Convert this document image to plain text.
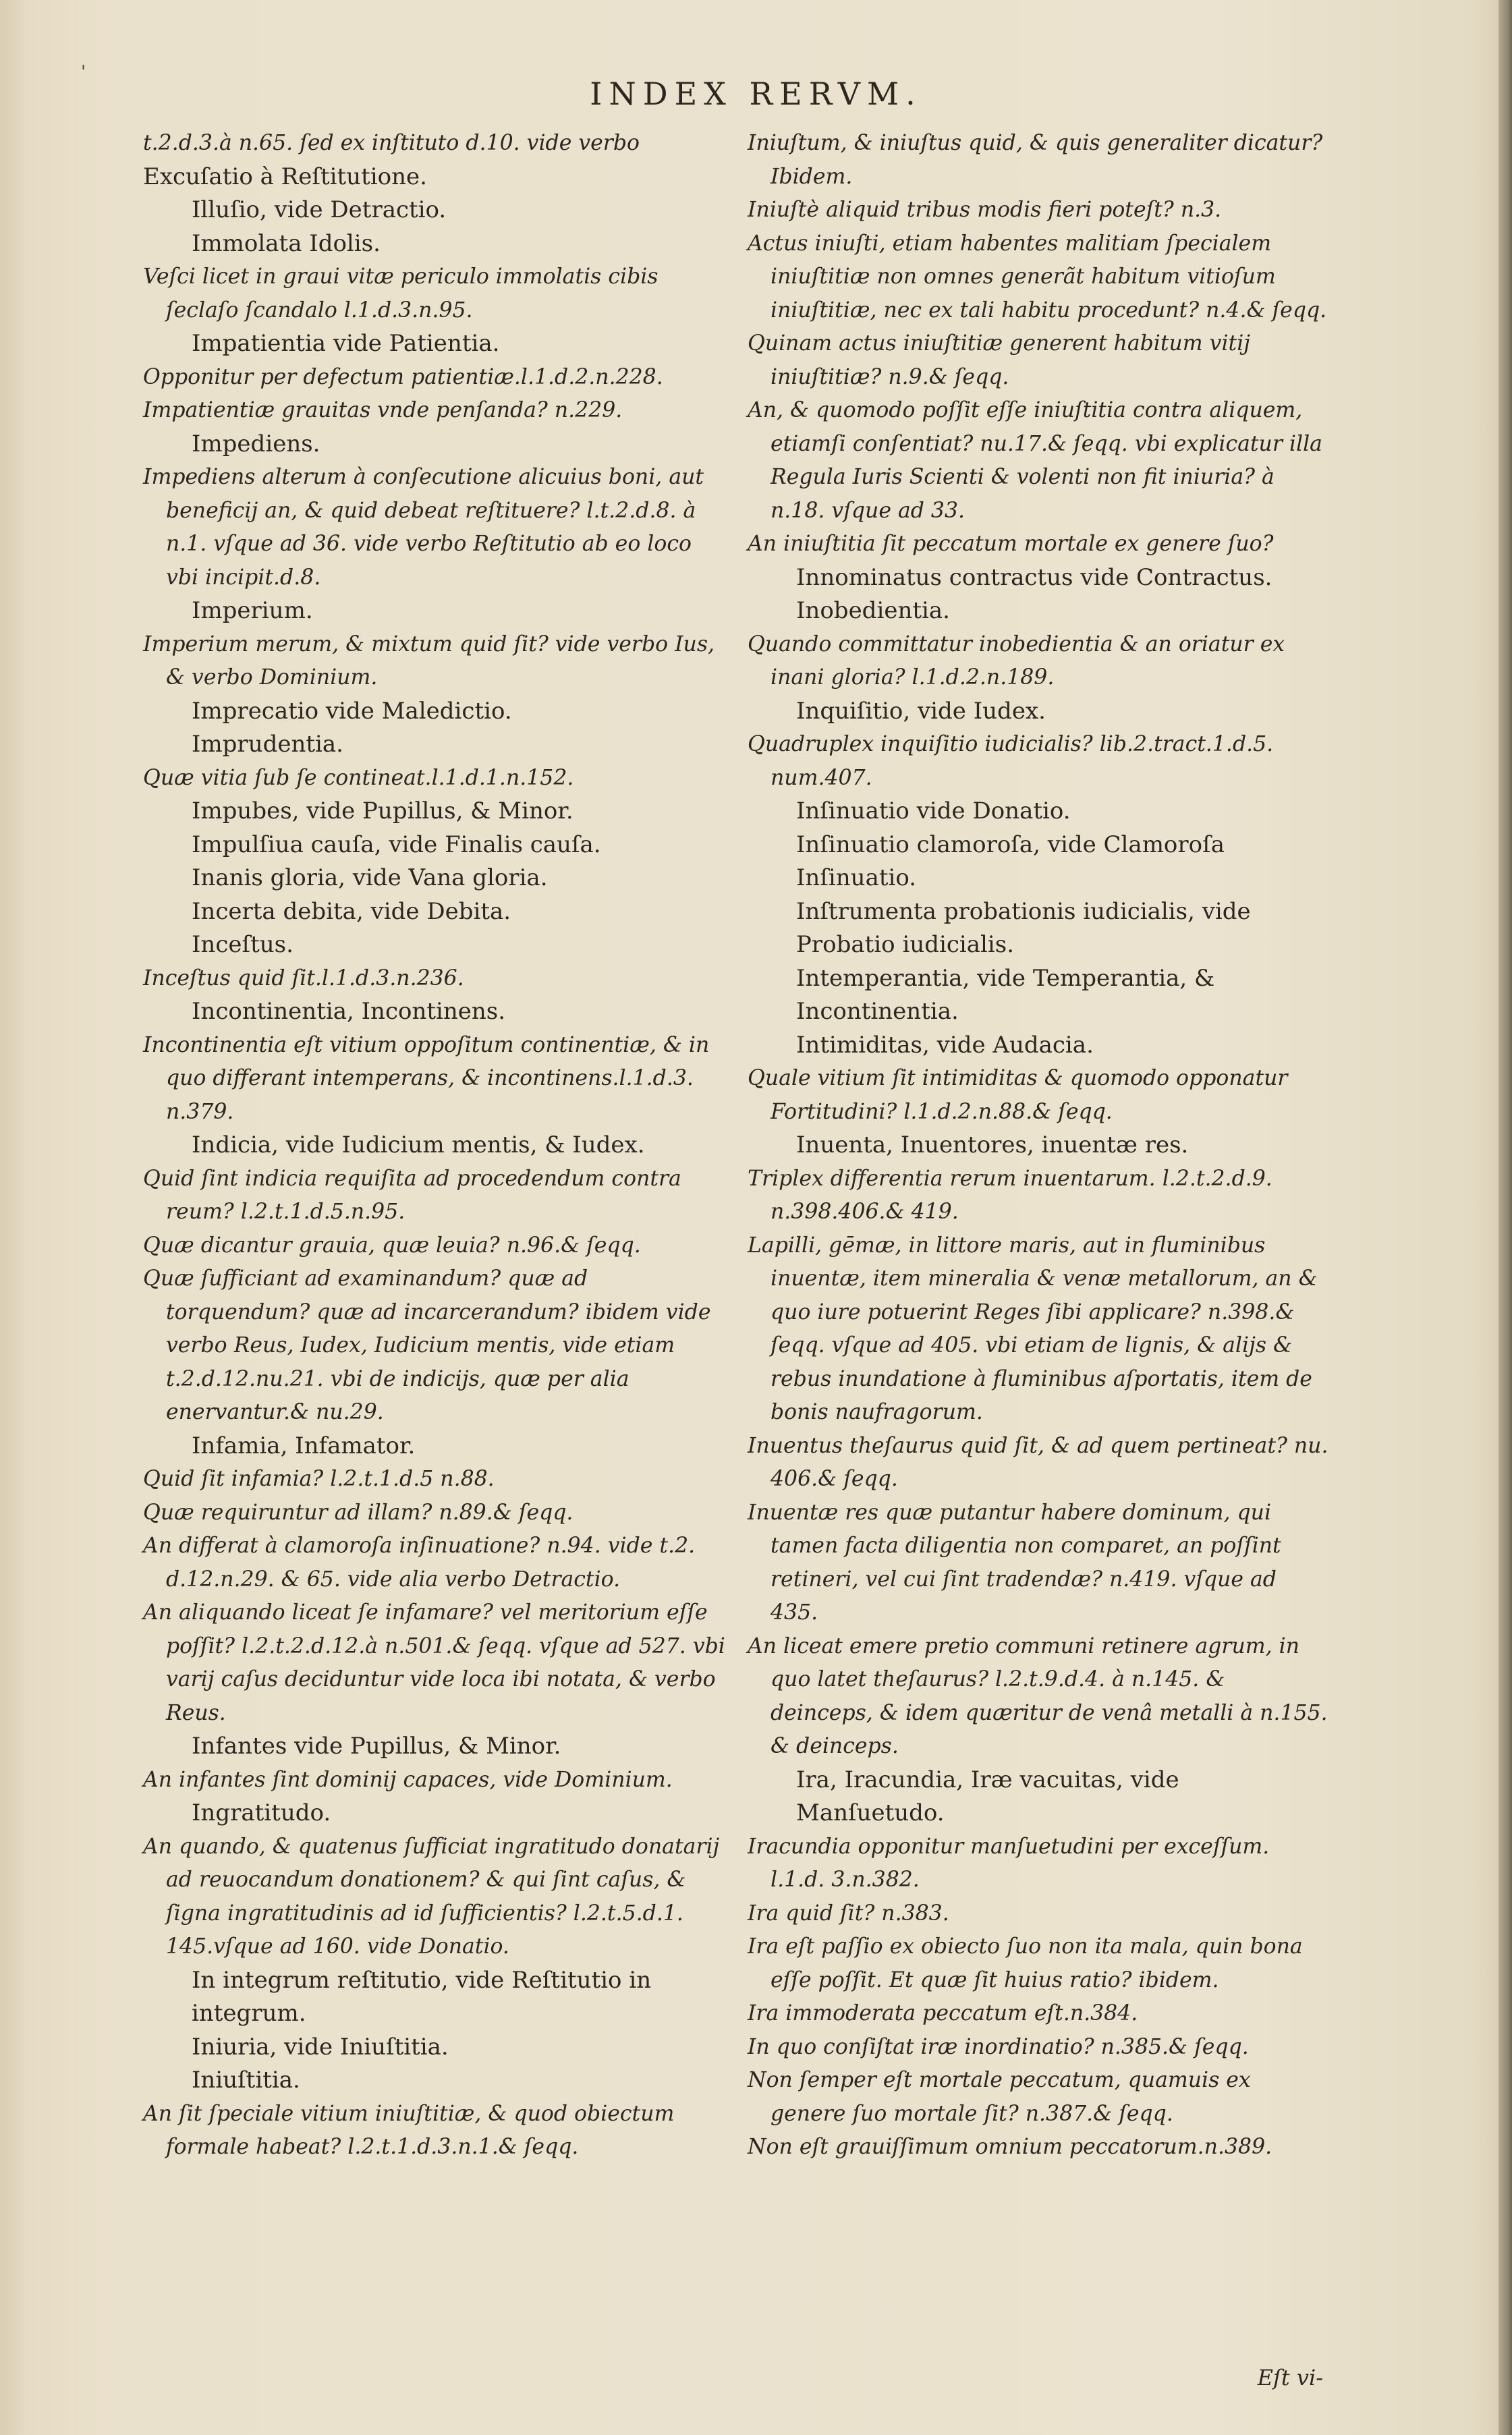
'
INDEX RERVM.

t.2.d.3.à n.65. ſed ex inſtituto d.10. vide verbo

Excuſatio à Reſtitutione.

Illuſio, vide Detractio.

Immolata Idolis.

Veſci licet in graui vitæ periculo immolatis cibis ſeclaſo ſcandalo l.1.d.3.n.95.

Impatientia vide Patientia.

Opponitur per defectum patientiæ.l.1.d.2.n.228.

Impatientiæ grauitas vnde penſanda? n.229.

Impediens.

Impediens alterum à conſecutione alicuius boni, aut beneficij an, & quid debeat reſtituere? l.t.2.d.8. à n.1. vſque ad 36. vide verbo Reſtitutio ab eo loco vbi incipit.d.8.

Imperium.

Imperium merum, & mixtum quid ſit? vide verbo Ius, & verbo Dominium.

Imprecatio vide Maledictio.

Imprudentia.

Quæ vitia ſub ſe contineat.l.1.d.1.n.152.

Impubes, vide Pupillus, & Minor.

Impulſiua cauſa, vide Finalis cauſa.

Inanis gloria, vide Vana gloria.

Incerta debita, vide Debita.

Inceſtus.

Inceſtus quid ſit.l.1.d.3.n.236.

Incontinentia, Incontinens.

Incontinentia eſt vitium oppoſitum continentiæ, & in quo differant intemperans, & incontinens.l.1.d.3. n.379.

Indicia, vide Iudicium mentis, & Iudex.

Quid ſint indicia requiſita ad procedendum contra reum? l.2.t.1.d.5.n.95.

Quæ dicantur grauia, quæ leuia? n.96.& ſeqq.

Quæ ſufficiant ad examinandum? quæ ad torquendum? quæ ad incarcerandum? ibidem vide verbo Reus, Iudex, Iudicium mentis, vide etiam t.2.d.12.nu.21. vbi de indicijs, quæ per alia enervantur.& nu.29.

Infamia, Infamator.

Quid ſit infamia? l.2.t.1.d.5 n.88.

Quæ requiruntur ad illam? n.89.& ſeqq.

An differat à clamoroſa inſinuatione? n.94. vide t.2. d.12.n.29. & 65. vide alia verbo Detractio.

An aliquando liceat ſe infamare? vel meritorium eſſe poſſit? l.2.t.2.d.12.à n.501.& ſeqq. vſque ad 527. vbi varij caſus deciduntur vide loca ibi notata, & verbo Reus.

Infantes vide Pupillus, & Minor.

An infantes ſint dominij capaces, vide Dominium.

Ingratitudo.

An quando, & quatenus ſufficiat ingratitudo donatarij ad reuocandum donationem? & qui ſint caſus, & ſigna ingratitudinis ad id ſufficientis? l.2.t.5.d.1. 145.vſque ad 160. vide Donatio.

In integrum reſtitutio, vide Reſtitutio in integrum.

Iniuria, vide Iniuſtitia.

Iniuſtitia.

An ſit ſpeciale vitium iniuſtitiæ, & quod obiectum formale habeat? l.2.t.1.d.3.n.1.& ſeqq.

Iniuſtum, & iniuſtus quid, & quis generaliter dicatur? Ibidem.

Iniuſtè aliquid tribus modis fieri poteſt? n.3.

Actus iniuſti, etiam habentes malitiam ſpecialem iniuſtitiæ non omnes generãt habitum vitioſum iniuſtitiæ, nec ex tali habitu procedunt? n.4.& ſeqq.

Quinam actus iniuſtitiæ generent habitum vitij iniuſtitiæ? n.9.& ſeqq.

An, & quomodo poſſit eſſe iniuſtitia contra aliquem, etiamſi conſentiat? nu.17.& ſeqq. vbi explicatur illa Regula Iuris Scienti & volenti non fit iniuria? à n.18. vſque ad 33.

An iniuſtitia ſit peccatum mortale ex genere ſuo?

Innominatus contractus vide Contractus.

Inobedientia.

Quando committatur inobedientia & an oriatur ex inani gloria? l.1.d.2.n.189.

Inquiſitio, vide Iudex.

Quadruplex inquiſitio iudicialis? lib.2.tract.1.d.5. num.407.

Inſinuatio vide Donatio.

Inſinuatio clamoroſa, vide Clamoroſa Inſinuatio.

Inſtrumenta probationis iudicialis, vide Probatio iudicialis.

Intemperantia, vide Temperantia, & Incontinentia.

Intimiditas, vide Audacia.

Quale vitium ſit intimiditas & quomodo opponatur Fortitudini? l.1.d.2.n.88.& ſeqq.

Inuenta, Inuentores, inuentæ res.

Triplex differentia rerum inuentarum. l.2.t.2.d.9. n.398.406.& 419.

Lapilli, gēmæ, in littore maris, aut in fluminibus inuentæ, item mineralia & venæ metallorum, an & quo iure potuerint Reges ſibi applicare? n.398.& ſeqq. vſque ad 405. vbi etiam de lignis, & alijs & rebus inundatione à fluminibus aſportatis, item de bonis naufragorum.

Inuentus theſaurus quid ſit, & ad quem pertineat? nu. 406.& ſeqq.

Inuentæ res quæ putantur habere dominum, qui tamen facta diligentia non comparet, an poſſint retineri, vel cui ſint tradendæ? n.419. vſque ad 435.

An liceat emere pretio communi retinere agrum, in quo latet theſaurus? l.2.t.9.d.4. à n.145. & deinceps, & idem quæritur de venâ metalli à n.155. & deinceps.

Ira, Iracundia, Iræ vacuitas, vide Manſuetudo.

Iracundia opponitur manſuetudini per exceſſum. l.1.d. 3.n.382.

Ira quid ſit? n.383.

Ira eſt paſſio ex obiecto ſuo non ita mala, quin bona eſſe poſſit. Et quæ ſit huius ratio? ibidem.

Ira immoderata peccatum eſt.n.384.

In quo conſiſtat iræ inordinatio? n.385.& ſeqq.

Non ſemper eſt mortale peccatum, quamuis ex genere ſuo mortale ſit? n.387.& ſeqq.

Non eſt grauiſſimum omnium peccatorum.n.389.

Eſt vi-
